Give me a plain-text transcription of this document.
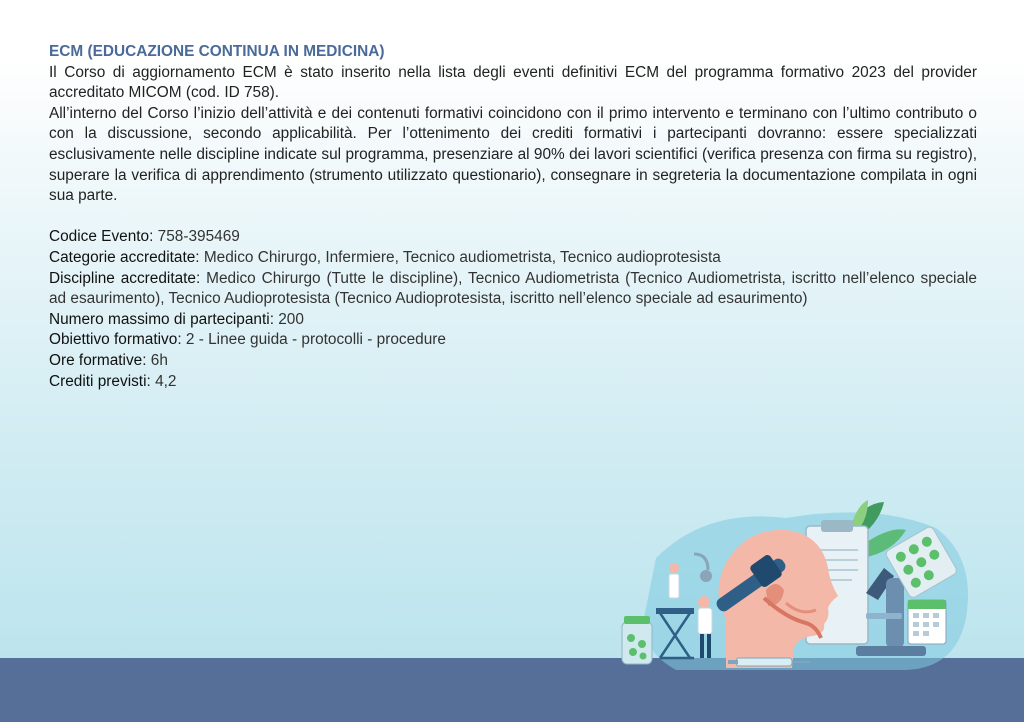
ECM (EDUCAZIONE CONTINUA IN MEDICINA)

Il Corso di aggiornamento ECM è stato inserito nella lista degli eventi definitivi ECM del programma formativo 2023 del provider accreditato MICOM (cod. ID 758).

All’interno del Corso l’inizio dell’attività e dei contenuti formativi coincidono con il primo intervento e terminano con l’ultimo contributo o con la discussione, secondo applicabilità. Per l’ottenimento dei crediti formativi i partecipanti dovranno: essere specializzati esclusivamente nelle discipline indicate sul programma, presenziare al 90% dei lavori scientifici (verifica presenza con firma su registro), superare la verifica di apprendimento (strumento utilizzato questionario), consegnare in segreteria la documentazione compilata in ogni sua parte.

Codice Evento: 758-395469

Categorie accreditate: Medico Chirurgo, Infermiere, Tecnico audiometrista, Tecnico audioprotesista

Discipline accreditate: Medico Chirurgo (Tutte le discipline), Tecnico Audiometrista (Tecnico Audiometrista, iscritto nell’elenco speciale ad esaurimento), Tecnico Audioprotesista (Tecnico Audioprotesista, iscritto nell’elenco speciale ad esaurimento)

Numero massimo di partecipanti: 200

Obiettivo formativo: 2 - Linee guida - protocolli - procedure

Ore formative: 6h

Crediti previsti: 4,2
